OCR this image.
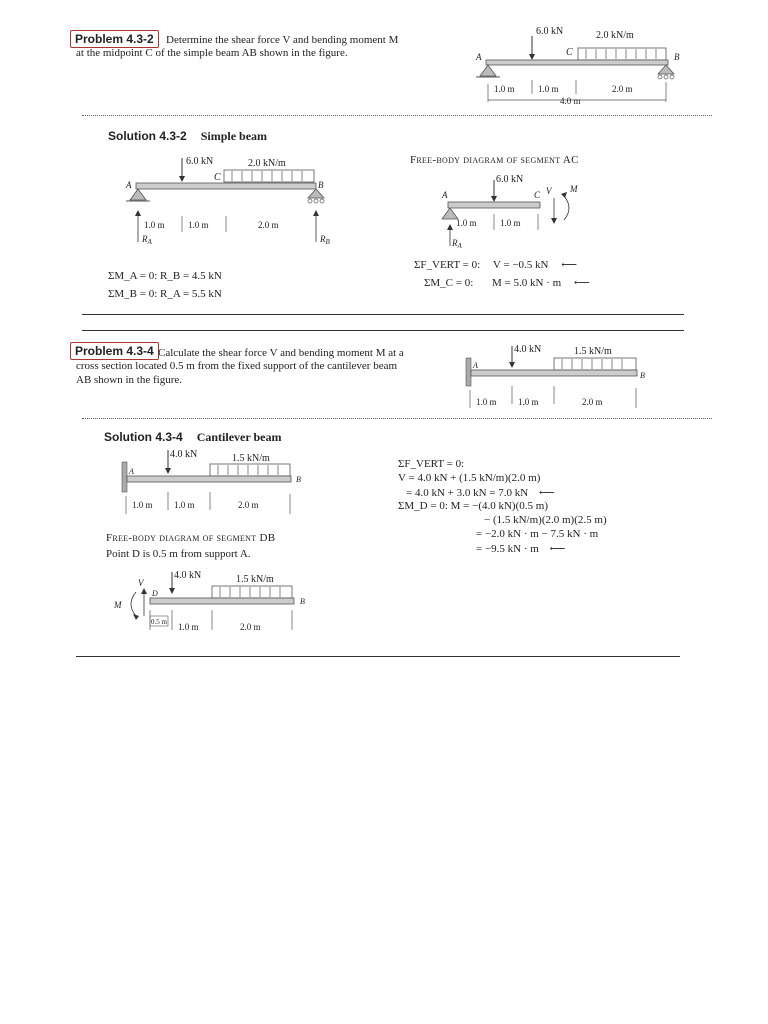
Problem 4.3-2	Determine the shear force V and bending moment M
at the midpoint C of the simple beam AB shown in the figure.
6.0 kN	2.0 kN/m
C
A	B
1.0 m	1.0 m	2.0 m
4.0 m
Solution 4.3-2 Simple beam
6.0 kN	2.0 kN/m
C
A	B
$R_A$	$R_B$
1.0 m	1.0 m	2.0 m
ΣM_A = 0: R_B = 4.5 kN
ΣM_B = 0: R_A = 5.5 kN
Free-body diagram of segment AC
6.0 kN
A	C V M
$R_A$
1.0 m	1.0 m
ΣF_VERT = 0: V = −0.5 kN ⟵
ΣM_C = 0: M = 5.0 kN · m ⟵
Problem 4.3-4 Calculate the shear force V and bending moment M at a
cross section located 0.5 m from the fixed support of the cantilever beam
AB shown in the figure.
4.0 kN	1.5 kN/m
A
B
1.0 m 1.0 m	2.0 m
Solution 4.3-4 Cantilever beam
4.0 kN	1.5 kN/m
A
B
1.0 m 1.0 m	2.0 m
Free-body diagram of segment DB
Point D is 0.5 m from support A.
4.0 kN	1.5 kN/m
D
B
V
M
0.5 m 1.0 m	2.0 m
ΣF_VERT = 0:
V = 4.0 kN + (1.5 kN/m)(2.0 m)
= 4.0 kN + 3.0 kN = 7.0 kN ⟵
ΣM_D = 0: M = −(4.0 kN)(0.5 m)
− (1.5 kN/m)(2.0 m)(2.5 m)
= −2.0 kN · m − 7.5 kN · m
= −9.5 kN · m ⟵
